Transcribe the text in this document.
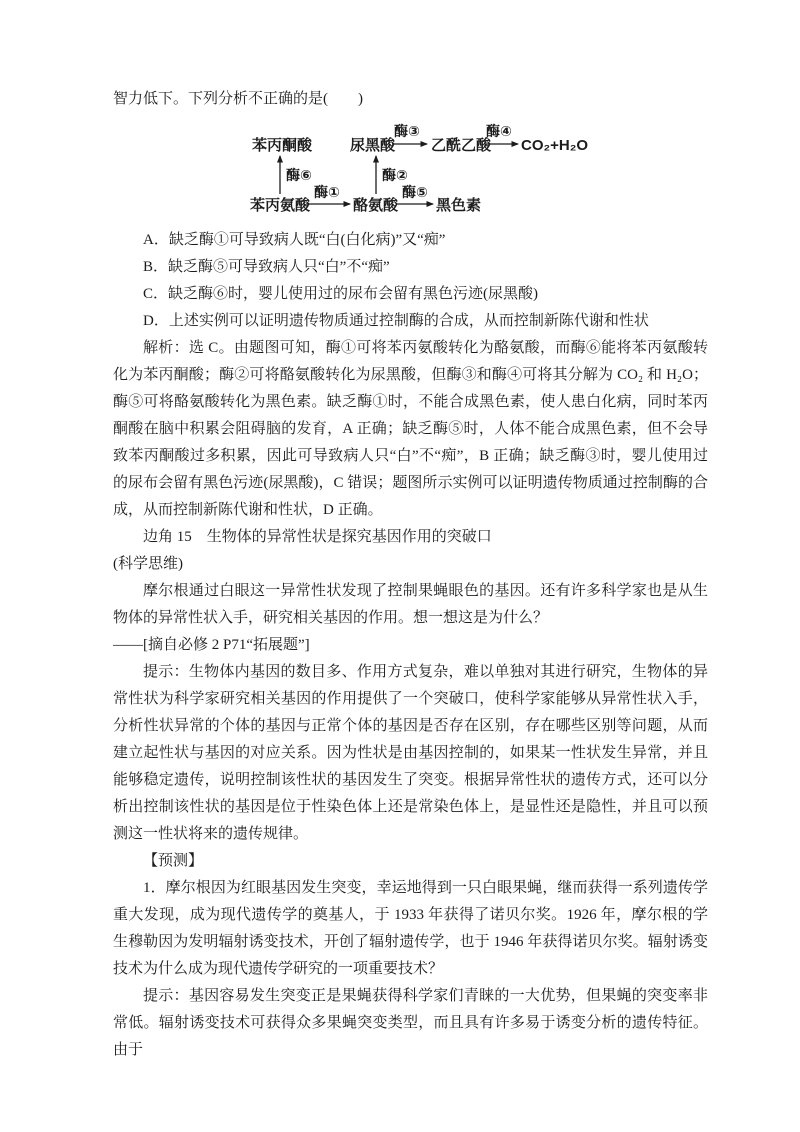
智力低下。下列分析不正确的是(　　)

苯丙酮酸	尿黑酸 乙酰乙酸 CO₂+H₂O
苯丙氨酸	酪氨酸	黑色素
酶③	酶④
酶⑥	酶②
酶①	酶⑤

A．缺乏酶①可导致病人既“白(白化病)”又“痴”

B．缺乏酶⑤可导致病人只“白”不“痴”

C．缺乏酶⑥时，婴儿使用过的尿布会留有黑色污迹(尿黑酸)

D．上述实例可以证明遗传物质通过控制酶的合成，从而控制新陈代谢和性状

解析：选 C。由题图可知，酶①可将苯丙氨酸转化为酪氨酸，而酶⑥能将苯丙氨酸转化为苯丙酮酸；酶②可将酪氨酸转化为尿黑酸，但酶③和酶④可将其分解为 CO₂ 和 H₂O；酶⑤可将酪氨酸转化为黑色素。缺乏酶①时，不能合成黑色素，使人患白化病，同时苯丙酮酸在脑中积累会阻碍脑的发育，A 正确；缺乏酶⑤时，人体不能合成黑色素，但不会导致苯丙酮酸过多积累，因此可导致病人只“白”不“痴”，B 正确；缺乏酶③时，婴儿使用过的尿布会留有黑色污迹(尿黑酸)，C 错误；题图所示实例可以证明遗传物质通过控制酶的合成，从而控制新陈代谢和性状，D 正确。

边角 15　生物体的异常性状是探究基因作用的突破口

(科学思维)

摩尔根通过白眼这一异常性状发现了控制果蝇眼色的基因。还有许多科学家也是从生物体的异常性状入手，研究相关基因的作用。想一想这是为什么？

——[摘自必修 2 P71“拓展题”]

提示：生物体内基因的数目多、作用方式复杂，难以单独对其进行研究，生物体的异常性状为科学家研究相关基因的作用提供了一个突破口，使科学家能够从异常性状入手，分析性状异常的个体的基因与正常个体的基因是否存在区别，存在哪些区别等问题，从而建立起性状与基因的对应关系。因为性状是由基因控制的，如果某一性状发生异常，并且能够稳定遗传，说明控制该性状的基因发生了突变。根据异常性状的遗传方式，还可以分析出控制该性状的基因是位于性染色体上还是常染色体上，是显性还是隐性，并且可以预测这一性状将来的遗传规律。

【预测】

1．摩尔根因为红眼基因发生突变，幸运地得到一只白眼果蝇，继而获得一系列遗传学重大发现，成为现代遗传学的奠基人，于 1933 年获得了诺贝尔奖。1926 年，摩尔根的学生穆勒因为发明辐射诱变技术，开创了辐射遗传学，也于 1946 年获得诺贝尔奖。辐射诱变技术为什么成为现代遗传学研究的一项重要技术？

提示：基因容易发生突变正是果蝇获得科学家们青睐的一大优势，但果蝇的突变率非常低。辐射诱变技术可获得众多果蝇突变类型，而且具有许多易于诱变分析的遗传特征。由于
